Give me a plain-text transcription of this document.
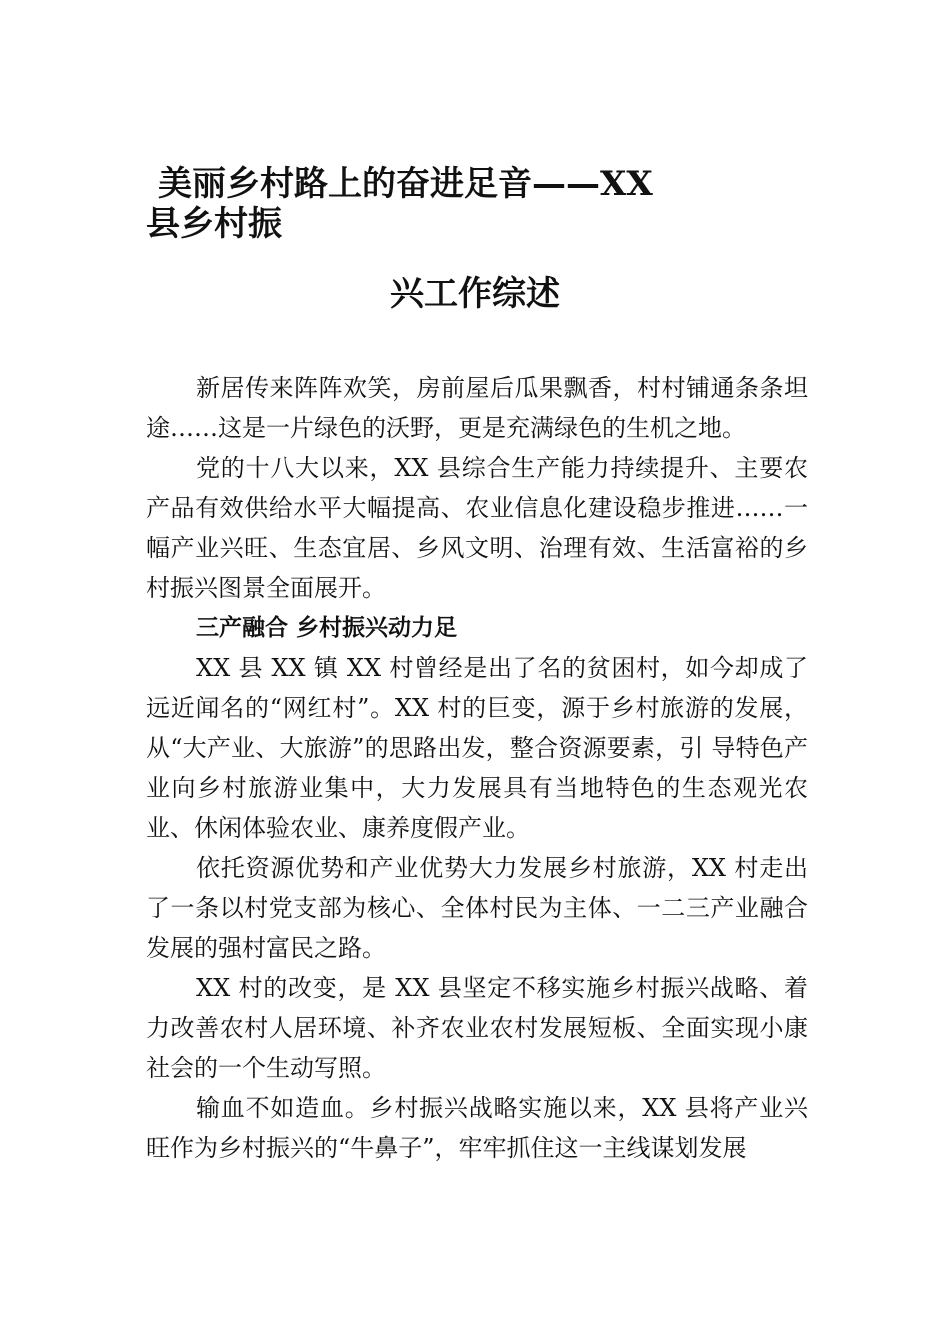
美丽乡村路上的奋进足音——XX
县乡村振
兴工作综述

新居传来阵阵欢笑，房前屋后瓜果飘香，村村铺通条条坦途……这是一片绿色的沃野，更是充满绿色的生机之地。

党的十八大以来，XX 县综合生产能力持续提升、主要农产品有效供给水平大幅提高、农业信息化建设稳步推进……一幅产业兴旺、生态宜居、乡风文明、治理有效、生活富裕的乡村振兴图景全面展开。

三产融合 乡村振兴动力足

XX 县 XX 镇 XX 村曾经是出了名的贫困村，如今却成了远近闻名的“网红村”。XX 村的巨变，源于乡村旅游的发展，从“大产业、大旅游”的思路出发，整合资源要素，引 导特色产业向乡村旅游业集中，大力发展具有当地特色的生态观光农业、休闲体验农业、康养度假产业。

依托资源优势和产业优势大力发展乡村旅游，XX 村走出了一条以村党支部为核心、全体村民为主体、一二三产业融合发展的强村富民之路。

XX 村的改变，是 XX 县坚定不移实施乡村振兴战略、着力改善农村人居环境、补齐农业农村发展短板、全面实现小康社会的一个生动写照。

输血不如造血。乡村振兴战略实施以来，XX 县将产业兴旺作为乡村振兴的“牛鼻子”，牢牢抓住这一主线谋划发展
